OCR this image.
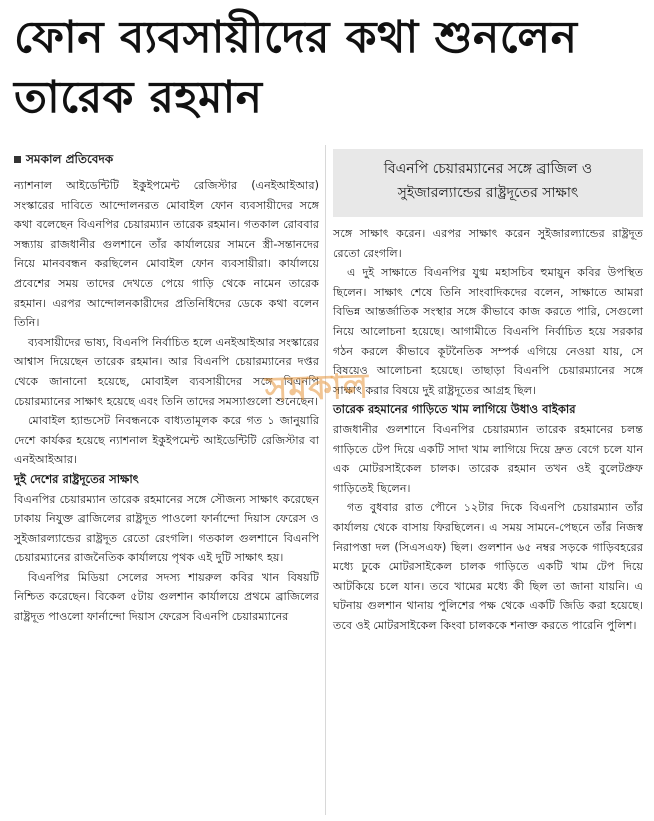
ফোন ব্যবসায়ীদের কথা শুনলেন তারেক রহমান
সমকাল প্রতিবেদক
বিএনপি চেয়ারম্যানের সঙ্গে ব্রাজিল ও সুইজারল্যান্ডের রাষ্ট্রদূতের সাক্ষাৎ

ন্যাশনাল আইডেন্টিটি ইকুইপমেন্ট রেজিস্টার (এনইআইআর) সংস্কারের দাবিতে আন্দোলনরত মোবাইল ফোন ব্যবসায়ীদের সঙ্গে কথা বলেছেন বিএনপির চেয়ারম্যান তারেক রহমান। গতকাল রোববার সন্ধ্যায় রাজধানীর গুলশানে তাঁর কার্যালয়ের সামনে স্ত্রী-সন্তানদের নিয়ে মানববন্ধন করছিলেন মোবাইল ফোন ব্যবসায়ীরা। কার্যালয়ে প্রবেশের সময় তাদের দেখতে পেয়ে গাড়ি থেকে নামেন তারেক রহমান। এরপর আন্দোলনকারীদের প্রতিনিধিদের ডেকে কথা বলেন তিনি।

ব্যবসায়ীদের ভাষ্য, বিএনপি নির্বাচিত হলে এনইআইআর সংস্কারের আশ্বাস দিয়েছেন তারেক রহমান। আর বিএনপি চেয়ারম্যানের দপ্তর থেকে জানানো হয়েছে, মোবাইল ব্যবসায়ীদের সঙ্গে বিএনপি চেয়ারম্যানের সাক্ষাৎ হয়েছে এবং তিনি তাদের সমস্যাগুলো শুনেছেন।

মোবাইল হ্যান্ডসেট নিবন্ধনকে বাধ্যতামূলক করে গত ১ জানুয়ারি দেশে কার্যকর হয়েছে ন্যাশনাল ইকুইপমেন্ট আইডেন্টিটি রেজিস্টার বা এনইআইআর।

দুই দেশের রাষ্ট্রদূতের সাক্ষাৎ

বিএনপির চেয়ারম্যান তারেক রহমানের সঙ্গে সৌজন্য সাক্ষাৎ করেছেন ঢাকায় নিযুক্ত ব্রাজিলের রাষ্ট্রদূত পাওলো ফার্নান্দো দিয়াস ফেরেস ও সুইজারল্যান্ডের রাষ্ট্রদূত রেতো রেংগলি। গতকাল গুলশানে বিএনপি চেয়ারম্যানের রাজনৈতিক কার্যালয়ে পৃথক এই দুটি সাক্ষাৎ হয়।

বিএনপির মিডিয়া সেলের সদস্য শায়রুল কবির খান বিষয়টি নিশ্চিত করেছেন। বিকেল ৫টায় গুলশান কার্যালয়ে প্রথমে ব্রাজিলের রাষ্ট্রদূত পাওলো ফার্নান্দো দিয়াস ফেরেস বিএনপি চেয়ারম্যানের

সঙ্গে সাক্ষাৎ করেন। এরপর সাক্ষাৎ করেন সুইজারল্যান্ডের রাষ্ট্রদূত রেতো রেংগলি।

এ দুই সাক্ষাতে বিএনপির যুগ্ম মহাসচিব হুমায়ুন কবির উপস্থিত ছিলেন। সাক্ষাৎ শেষে তিনি সাংবাদিকদের বলেন, সাক্ষাতে আমরা বিভিন্ন আন্তর্জাতিক সংস্থার সঙ্গে কীভাবে কাজ করতে পারি, সেগুলো নিয়ে আলোচনা হয়েছে। আগামীতে বিএনপি নির্বাচিত হয়ে সরকার গঠন করলে কীভাবে কূটনৈতিক সম্পর্ক এগিয়ে নেওয়া যায়, সে বিষয়েও আলোচনা হয়েছে। তাছাড়া বিএনপি চেয়ারম্যানের সঙ্গে সাক্ষাৎ করার বিষয়ে দুই রাষ্ট্রদূতের আগ্রহ ছিল।

তারেক রহমানের গাড়িতে খাম লাগিয়ে উধাও বাইকার

রাজধানীর গুলশানে বিএনপির চেয়ারম্যান তারেক রহমানের চলন্ত গাড়িতে টেপ দিয়ে একটি সাদা খাম লাগিয়ে দিয়ে দ্রুত বেগে চলে যান এক মোটরসাইকেল চালক। তারেক রহমান তখন ওই বুলেটপ্রুফ গাড়িতেই ছিলেন।

গত বুধবার রাত পৌনে ১২টার দিকে বিএনপি চেয়ারম্যান তাঁর কার্যালয় থেকে বাসায় ফিরছিলেন। এ সময় সামনে-পেছনে তাঁর নিজস্ব নিরাপত্তা দল (সিএসএফ) ছিল। গুলশান ৬৫ নম্বর সড়কে গাড়িবহরের মধ্যে ঢুকে মোটরসাইকেল চালক গাড়িতে একটি খাম টেপ দিয়ে আটকিয়ে চলে যান। তবে খামের মধ্যে কী ছিল তা জানা যায়নি। এ ঘটনায় গুলশান থানায় পুলিশের পক্ষ থেকে একটি জিডি করা হয়েছে। তবে ওই মোটরসাইকেল কিংবা চালককে শনাক্ত করতে পারেনি পুলিশ।

সমকাল
